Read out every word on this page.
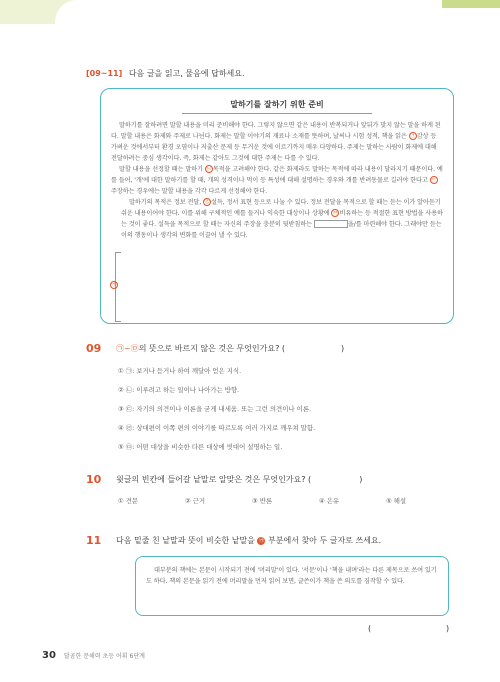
[09~11] 다음 글을 읽고, 물음에 답하세요.
말하기를 잘하기 위한 준비

말하기를 잘하려면 말할 내용을 미리 준비해야 한다. 그렇지 않으면 같은 내용이 반복되거나 앞뒤가 맞지 않는 말을 하게 된다. 말할 내용은 화제와 주제로 나뉜다. 화제는 말할 이야기의 재료나 소재를 뜻하며, 날씨나 시험 성적, 책을 읽은 ㉠ 감상 등 가벼운 것에서부터 환경 오염이나 저출산 문제 등 무거운 것에 이르기까지 매우 다양하다. 주제는 말하는 사람이 화제에 대해 전달하려는 중심 생각이다. 즉, 화제는 같아도 그것에 대한 주제는 다를 수 있다.

말할 내용을 선정할 때는 말하기 ㉡ 목적을 고려해야 한다. 같은 화제라도 말하는 목적에 따라 내용이 달라지기 때문이다. 예를 들어, '개'에 대한 말하기를 할 때, 개의 성격이나 먹이 등 특성에 대해 설명하는 경우와 개를 반려동물로 길러야 한다고 ㉢주장하는 경우에는 말할 내용을 각각 다르게 선정해야 한다.

말하기의 목적은 정보 전달, ㉣ 설득, 정서 표현 등으로 나눌 수 있다. 정보 전달을 목적으로 할 때는 듣는 이가 알아듣기 쉬운 내용이어야 한다. 이를 위해 구체적인 예를 들거나 익숙한 대상이나 상황에 ㉤ 비유하는 등 적절한 표현 방법을 사용하는 것이 좋다. 설득을 목적으로 할 때는 자신의 주장을 충분히 뒷받침하는	을/를 마련해야 한다. 그래야만 듣는 이의 행동이나 생각의 변화를 이끌어 낼 수 있다.

㉮
09 ㉠~㉤의 뜻으로 바르지 않은 것은 무엇인가요? (	)
① ㉠: 보거나 듣거나 하여 깨달아 얻은 지식.
② ㉡: 이루려고 하는 일이나 나아가는 방향.
③ ㉢: 자기의 의견이나 이론을 굳게 내세움. 또는 그런 의견이나 이론.
④ ㉣: 상대편이 이쪽 편의 이야기를 따르도록 여러 가지로 깨우쳐 말함.
⑤ ㉤: 어떤 대상을 비슷한 다른 대상에 빗대어 설명하는 일.
10 윗글의 빈칸에 들어갈 낱말로 알맞은 것은 무엇인가요? (	)
① 견문	② 근거	③ 반론	④ 은유	⑤ 해설
11 다음 밑줄 친 낱말과 뜻이 비슷한 낱말을 ㉮ 부분에서 찾아 두 글자로 쓰세요.

대부분의 책에는 본문이 시작되기 전에 '머리말'이 있다. '서문'이나 '책을 내며'라는 다른 제목으로 쓰여 있기도 하다. 책의 본문을 읽기 전에 머리말을 먼저 읽어 보면, 글쓴이가 책을 쓴 의도를 짐작할 수 있다.

(	)
30 달곰한 문해력 초등 어휘 6단계
